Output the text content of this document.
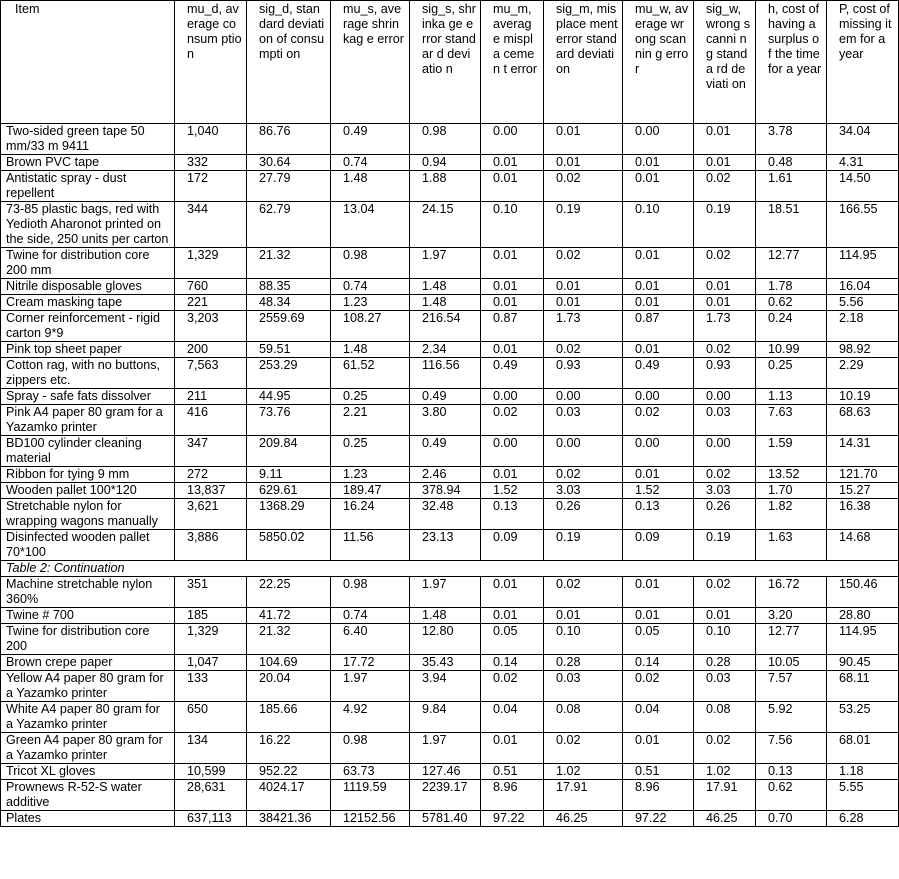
Item	mu_d, average consum ption	sig_d, standard deviation of consumpti on	mu_s, average shrinkag e error	sig_s, shrinka ge error standar d deviatio n	mu_m, averag e mispla cemen t error	sig_m, misplace ment error standard deviation	mu_w, average wrong scannin g error	sig_w, wrong scanni ng standa rd deviati on	h, cost of having a surplus of the time for a year	P, cost of missing item for a year
Two-sided green tape 50 mm/33 m 9411	1,040	86.76	0.49	0.98	0.00	0.01	0.00	0.01	3.78	34.04
Brown PVC tape	332	30.64	0.74	0.94	0.01	0.01	0.01	0.01	0.48	4.31
Antistatic spray - dust repellent	172	27.79	1.48	1.88	0.01	0.02	0.01	0.02	1.61	14.50
73-85 plastic bags, red with Yedioth Aharonot printed on the side, 250 units per carton	344	62.79	13.04	24.15	0.10	0.19	0.10	0.19	18.51	166.55
Twine for distribution core 200 mm	1,329	21.32	0.98	1.97	0.01	0.02	0.01	0.02	12.77	114.95
Nitrile disposable gloves	760	88.35	0.74	1.48	0.01	0.01	0.01	0.01	1.78	16.04
Cream masking tape	221	48.34	1.23	1.48	0.01	0.01	0.01	0.01	0.62	5.56
Corner reinforcement - rigid carton 9*9	3,203	2559.69	108.27	216.54	0.87	1.73	0.87	1.73	0.24	2.18
Pink top sheet paper	200	59.51	1.48	2.34	0.01	0.02	0.01	0.02	10.99	98.92
Cotton rag, with no buttons, zippers etc.	7,563	253.29	61.52	116.56	0.49	0.93	0.49	0.93	0.25	2.29
Spray - safe fats dissolver	211	44.95	0.25	0.49	0.00	0.00	0.00	0.00	1.13	10.19
Pink A4 paper 80 gram for a Yazamko printer	416	73.76	2.21	3.80	0.02	0.03	0.02	0.03	7.63	68.63
BD100 cylinder cleaning material	347	209.84	0.25	0.49	0.00	0.00	0.00	0.00	1.59	14.31
Ribbon for tying 9 mm	272	9.11	1.23	2.46	0.01	0.02	0.01	0.02	13.52	121.70
Wooden pallet 100*120	13,837	629.61	189.47	378.94	1.52	3.03	1.52	3.03	1.70	15.27
Stretchable nylon for wrapping wagons manually	3,621	1368.29	16.24	32.48	0.13	0.26	0.13	0.26	1.82	16.38
Disinfected wooden pallet 70*100	3,886	5850.02	11.56	23.13	0.09	0.19	0.09	0.19	1.63	14.68
Table 2: Continuation										
Machine stretchable nylon 360%	351	22.25	0.98	1.97	0.01	0.02	0.01	0.02	16.72	150.46
Twine # 700	185	41.72	0.74	1.48	0.01	0.01	0.01	0.01	3.20	28.80
Twine for distribution core 200	1,329	21.32	6.40	12.80	0.05	0.10	0.05	0.10	12.77	114.95
Brown crepe paper	1,047	104.69	17.72	35.43	0.14	0.28	0.14	0.28	10.05	90.45
Yellow A4 paper 80 gram for a Yazamko printer	133	20.04	1.97	3.94	0.02	0.03	0.02	0.03	7.57	68.11
White A4 paper 80 gram for a Yazamko printer	650	185.66	4.92	9.84	0.04	0.08	0.04	0.08	5.92	53.25
Green A4 paper 80 gram for a Yazamko printer	134	16.22	0.98	1.97	0.01	0.02	0.01	0.02	7.56	68.01
Tricot XL gloves	10,599	952.22	63.73	127.46	0.51	1.02	0.51	1.02	0.13	1.18
Prownews R-52-S water additive	28,631	4024.17	1119.59	2239.17	8.96	17.91	8.96	17.91	0.62	5.55
Plates	637,113	38421.36	12152.56	5781.40	97.22	46.25	97.22	46.25	0.70	6.28
